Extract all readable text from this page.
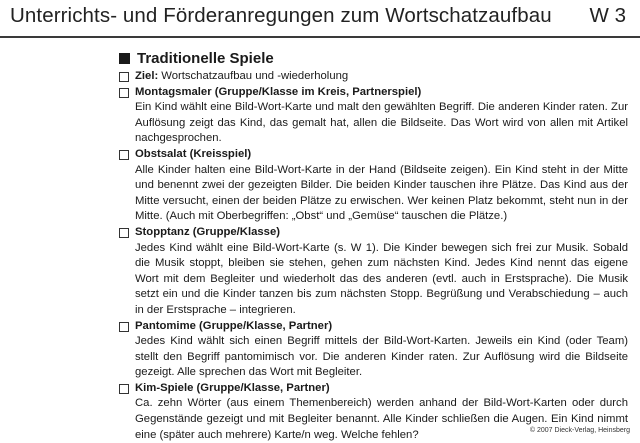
Unterrichts- und Förderanregungen zum Wortschatzaufbau W 3
Traditionelle Spiele
Ziel: Wortschatzaufbau und -wiederholung
Montagsmaler (Gruppe/Klasse im Kreis, Partnerspiel)
Ein Kind wählt eine Bild-Wort-Karte und malt den gewählten Begriff. Die anderen Kinder raten. Zur Auflösung zeigt das Kind, das gemalt hat, allen die Bildseite. Das Wort wird von allen mit Artikel nachgesprochen.
Obstsalat (Kreisspiel)
Alle Kinder halten eine Bild-Wort-Karte in der Hand (Bildseite zeigen). Ein Kind steht in der Mitte und benennt zwei der gezeigten Bilder. Die beiden Kinder tauschen ihre Plätze. Das Kind aus der Mitte versucht, einen der beiden Plätze zu erwischen. Wer keinen Platz bekommt, steht nun in der Mitte. (Auch mit Oberbegriffen: „Obst“ und „Gemüse“ tauschen die Plätze.)
Stopptanz (Gruppe/Klasse)
Jedes Kind wählt eine Bild-Wort-Karte (s. W 1). Die Kinder bewegen sich frei zur Musik. Sobald die Musik stoppt, bleiben sie stehen, gehen zum nächsten Kind. Jedes Kind nennt das eigene Wort mit dem Begleiter und wiederholt das des anderen (evtl. auch in Erstsprache). Die Musik setzt ein und die Kinder tanzen bis zum nächsten Stopp. Begrüßung und Verabschiedung – auch in der Erstsprache – integrieren.
Pantomime (Gruppe/Klasse, Partner)
Jedes Kind wählt sich einen Begriff mittels der Bild-Wort-Karten. Jeweils ein Kind (oder Team) stellt den Begriff pantomimisch vor. Die anderen Kinder raten. Zur Auflösung wird die Bildseite gezeigt. Alle sprechen das Wort mit Begleiter.
Kim-Spiele (Gruppe/Klasse, Partner)
Ca. zehn Wörter (aus einem Themenbereich) werden anhand der Bild-Wort-Karten oder durch Gegenstände gezeigt und mit Begleiter benannt. Alle Kinder schließen die Augen. Ein Kind nimmt eine (später auch mehrere) Karte/n weg. Welche fehlen?	© 2007 Dieck-Verlag, Heinsberg
